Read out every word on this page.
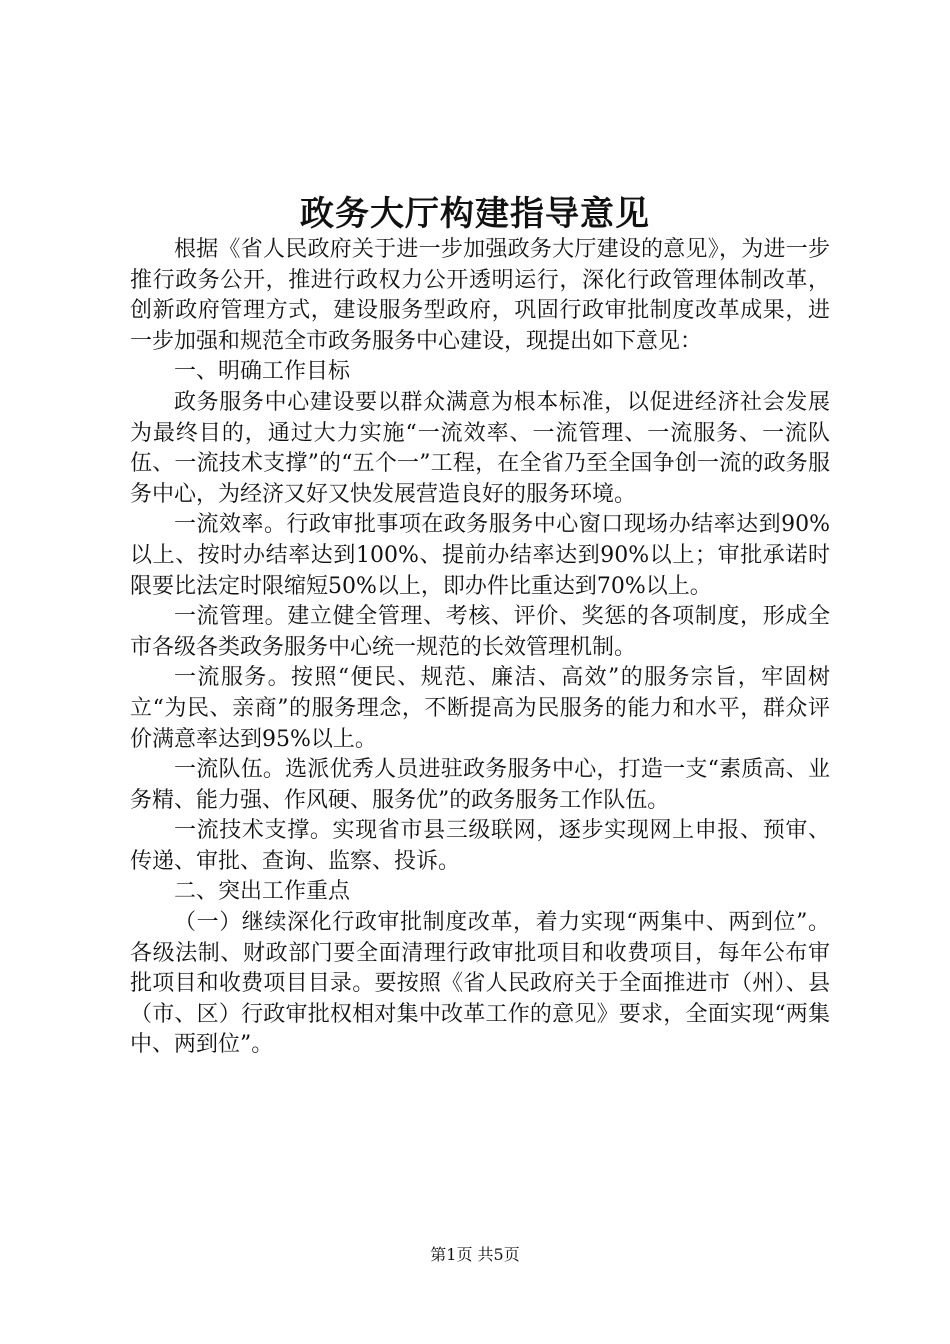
政务大厅构建指导意见

根据《省人民政府关于进一步加强政务大厅建设的意见》，为进一步推行政务公开，推进行政权力公开透明运行，深化行政管理体制改革，创新政府管理方式，建设服务型政府，巩固行政审批制度改革成果，进一步加强和规范全市政务服务中心建设，现提出如下意见：

一、明确工作目标

政务服务中心建设要以群众满意为根本标准，以促进经济社会发展为最终目的，通过大力实施“一流效率、一流管理、一流服务、一流队伍、一流技术支撑”的“五个一”工程，在全省乃至全国争创一流的政务服务中心，为经济又好又快发展营造良好的服务环境。

一流效率。行政审批事项在政务服务中心窗口现场办结率达到90%以上、按时办结率达到100%、提前办结率达到90%以上；审批承诺时限要比法定时限缩短50%以上，即办件比重达到70%以上。

一流管理。建立健全管理、考核、评价、奖惩的各项制度，形成全市各级各类政务服务中心统一规范的长效管理机制。

一流服务。按照“便民、规范、廉洁、高效”的服务宗旨，牢固树立“为民、亲商”的服务理念，不断提高为民服务的能力和水平，群众评价满意率达到95%以上。

一流队伍。选派优秀人员进驻政务服务中心，打造一支“素质高、业务精、能力强、作风硬、服务优”的政务服务工作队伍。

一流技术支撑。实现省市县三级联网，逐步实现网上申报、预审、传递、审批、查询、监察、投诉。

二、突出工作重点

（一）继续深化行政审批制度改革，着力实现“两集中、两到位”。各级法制、财政部门要全面清理行政审批项目和收费项目，每年公布审批项目和收费项目目录。要按照《省人民政府关于全面推进市（州）、县（市、区）行政审批权相对集中改革工作的意见》要求，全面实现“两集中、两到位”。

第1页 共5页
